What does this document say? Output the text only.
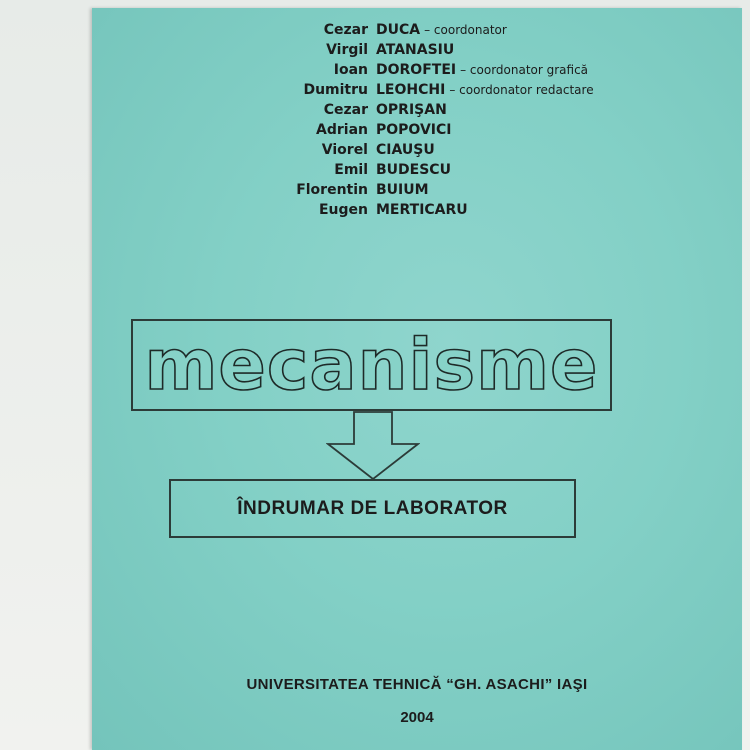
Cezar DUCA – coordonator
Virgil ATANASIU
Ioan DOROFTEI – coordonator grafică
Dumitru LEOHCHI – coordonator redactare
Cezar OPRIŞAN
Adrian POPOVICI
Viorel CIAUŞU
Emil BUDESCU
Florentin BUIUM
Eugen MERTICARU
mecanisme
ÎNDRUMAR DE LABORATOR
UNIVERSITATEA TEHNICĂ “GH. ASACHI” IAŞI
2004
